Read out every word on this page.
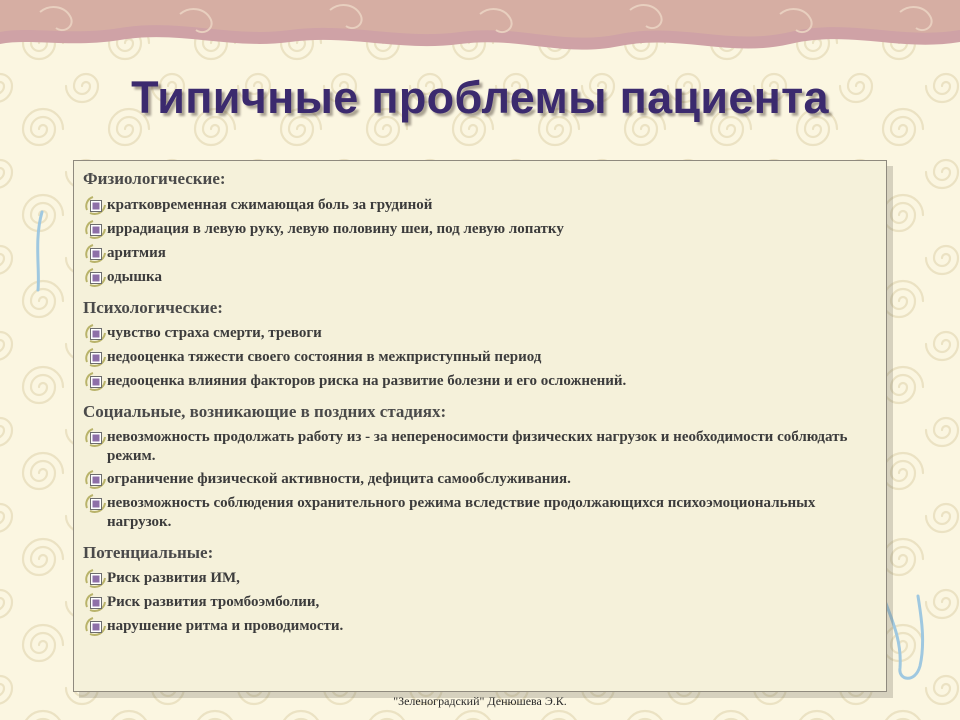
Типичные проблемы пациента
Физиологические:
кратковременная сжимающая боль за грудиной
иррадиация в левую руку, левую половину шеи, под левую лопатку
аритмия
одышка
Психологические:
чувство страха смерти, тревоги
недооценка тяжести своего состояния в межприступный период
недооценка влияния факторов риска на развитие болезни и его осложнений.
Социальные, возникающие в поздних стадиях:
невозможность продолжать работу из - за непереносимости физических нагрузок и необходимости соблюдать режим.
ограничение физической активности, дефицита самообслуживания.
невозможность соблюдения охранительного режима вследствие продолжающихся психоэмоциональных нагрузок.
Потенциальные:
Риск развития ИМ,
Риск развития тромбоэмболии,
нарушение ритма и проводимости.
"Зеленоградский" Денюшева Э.К.
